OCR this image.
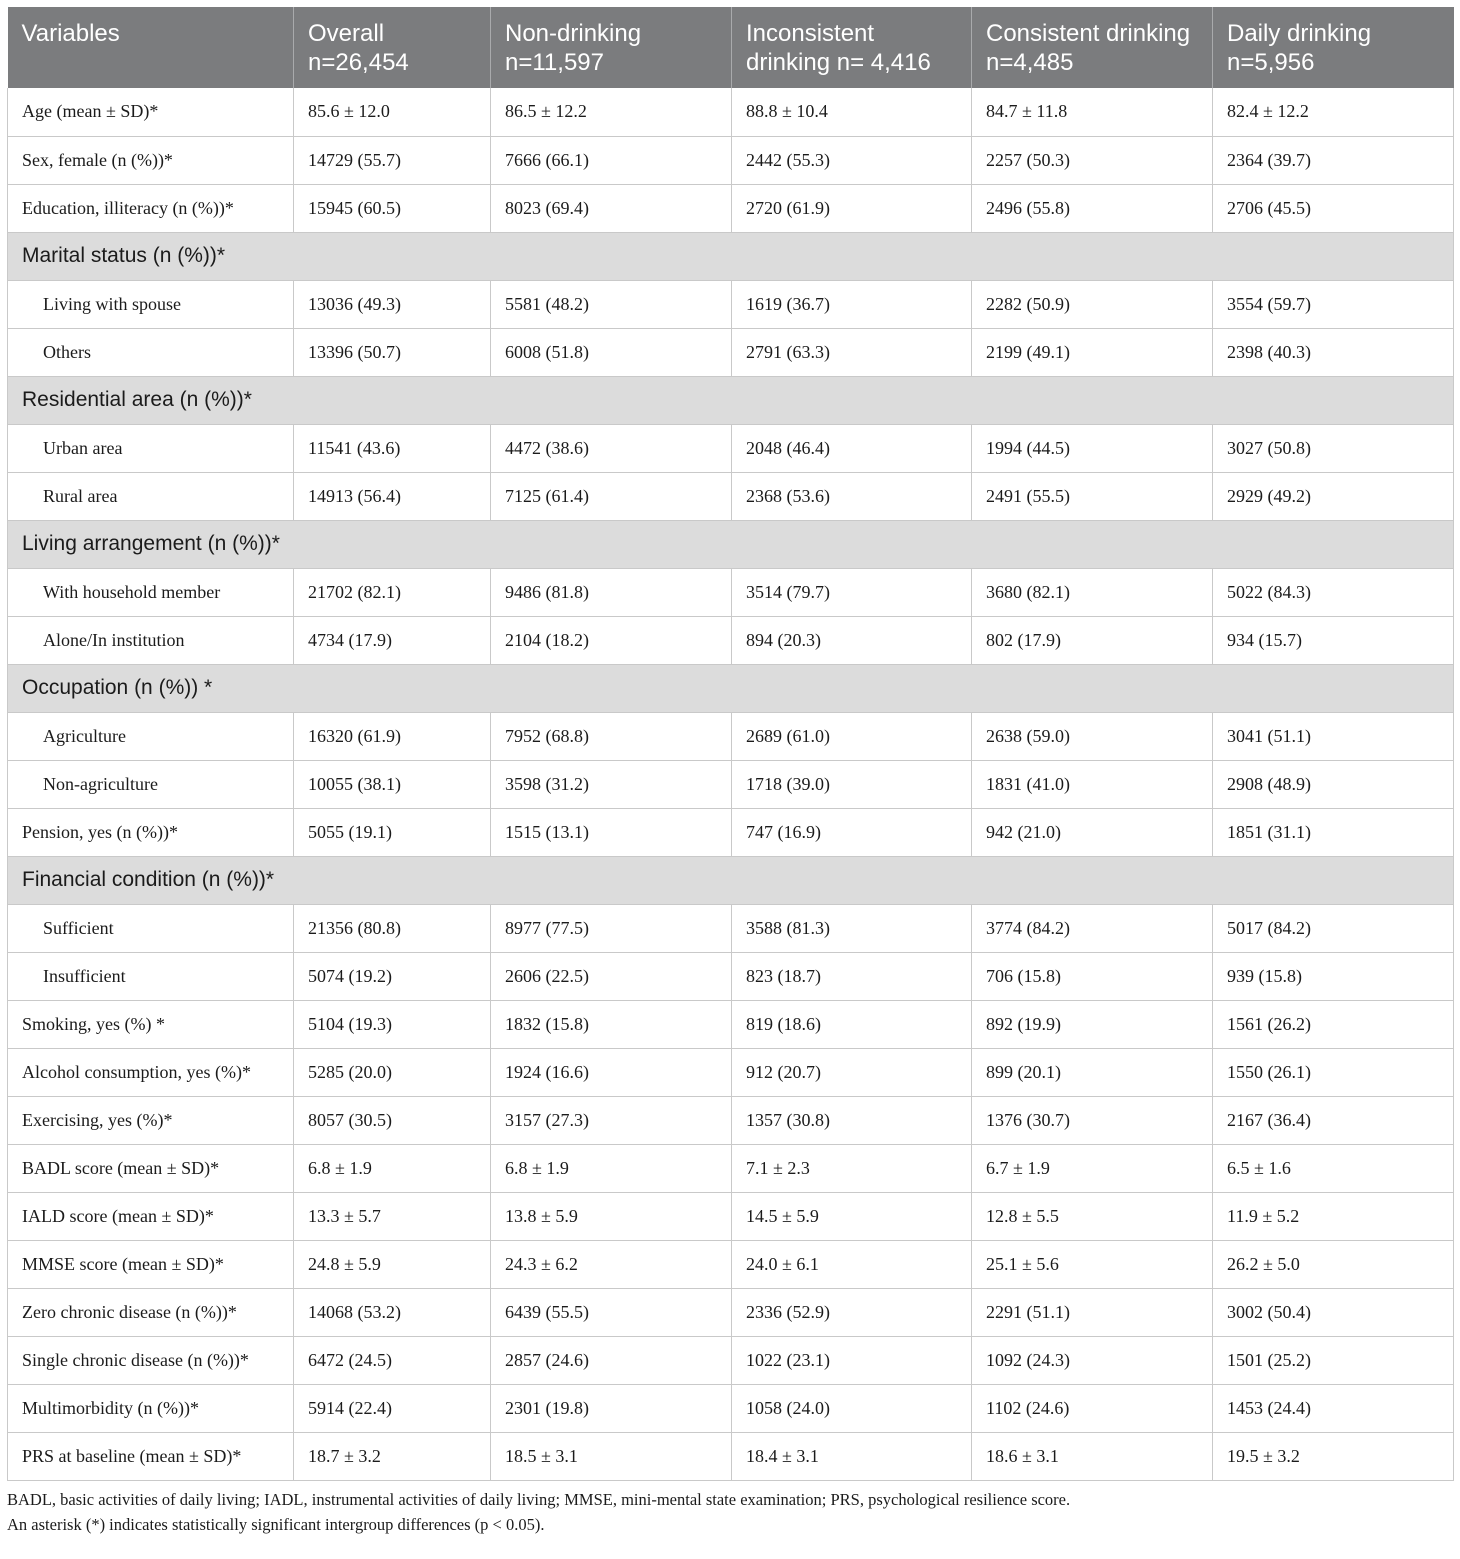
Variables	Overall n=26,454	Non-drinking n=11,597	Inconsistent drinking n= 4,416	Consistent drinking n=4,485	Daily drinking n=5,956
Age (mean ± SD)*	85.6 ± 12.0	86.5 ± 12.2	88.8 ± 10.4	84.7 ± 11.8	82.4 ± 12.2
Sex, female (n (%))*	14729 (55.7)	7666 (66.1)	2442 (55.3)	2257 (50.3)	2364 (39.7)
Education, illiteracy (n (%))*	15945 (60.5)	8023 (69.4)	2720 (61.9)	2496 (55.8)	2706 (45.5)
Marital status (n (%))*					
Living with spouse	13036 (49.3)	5581 (48.2)	1619 (36.7)	2282 (50.9)	3554 (59.7)
Others	13396 (50.7)	6008 (51.8)	2791 (63.3)	2199 (49.1)	2398 (40.3)
Residential area (n (%))*					
Urban area	11541 (43.6)	4472 (38.6)	2048 (46.4)	1994 (44.5)	3027 (50.8)
Rural area	14913 (56.4)	7125 (61.4)	2368 (53.6)	2491 (55.5)	2929 (49.2)
Living arrangement (n (%))*					
With household member	21702 (82.1)	9486 (81.8)	3514 (79.7)	3680 (82.1)	5022 (84.3)
Alone/In institution	4734 (17.9)	2104 (18.2)	894 (20.3)	802 (17.9)	934 (15.7)
Occupation (n (%)) *					
Agriculture	16320 (61.9)	7952 (68.8)	2689 (61.0)	2638 (59.0)	3041 (51.1)
Non-agriculture	10055 (38.1)	3598 (31.2)	1718 (39.0)	1831 (41.0)	2908 (48.9)
Pension, yes (n (%))*	5055 (19.1)	1515 (13.1)	747 (16.9)	942 (21.0)	1851 (31.1)
Financial condition (n (%))*					
Sufficient	21356 (80.8)	8977 (77.5)	3588 (81.3)	3774 (84.2)	5017 (84.2)
Insufficient	5074 (19.2)	2606 (22.5)	823 (18.7)	706 (15.8)	939 (15.8)
Smoking, yes (%) *	5104 (19.3)	1832 (15.8)	819 (18.6)	892 (19.9)	1561 (26.2)
Alcohol consumption, yes (%)*	5285 (20.0)	1924 (16.6)	912 (20.7)	899 (20.1)	1550 (26.1)
Exercising, yes (%)*	8057 (30.5)	3157 (27.3)	1357 (30.8)	1376 (30.7)	2167 (36.4)
BADL score (mean ± SD)*	6.8 ± 1.9	6.8 ± 1.9	7.1 ± 2.3	6.7 ± 1.9	6.5 ± 1.6
IALD score (mean ± SD)*	13.3 ± 5.7	13.8 ± 5.9	14.5 ± 5.9	12.8 ± 5.5	11.9 ± 5.2
MMSE score (mean ± SD)*	24.8 ± 5.9	24.3 ± 6.2	24.0 ± 6.1	25.1 ± 5.6	26.2 ± 5.0
Zero chronic disease (n (%))*	14068 (53.2)	6439 (55.5)	2336 (52.9)	2291 (51.1)	3002 (50.4)
Single chronic disease (n (%))*	6472 (24.5)	2857 (24.6)	1022 (23.1)	1092 (24.3)	1501 (25.2)
Multimorbidity (n (%))*	5914 (22.4)	2301 (19.8)	1058 (24.0)	1102 (24.6)	1453 (24.4)
PRS at baseline (mean ± SD)*	18.7 ± 3.2	18.5 ± 3.1	18.4 ± 3.1	18.6 ± 3.1	19.5 ± 3.2
BADL, basic activities of daily living; IADL, instrumental activities of daily living; MMSE, mini-mental state examination; PRS, psychological resilience score.
An asterisk (*) indicates statistically significant intergroup differences (p < 0.05).
